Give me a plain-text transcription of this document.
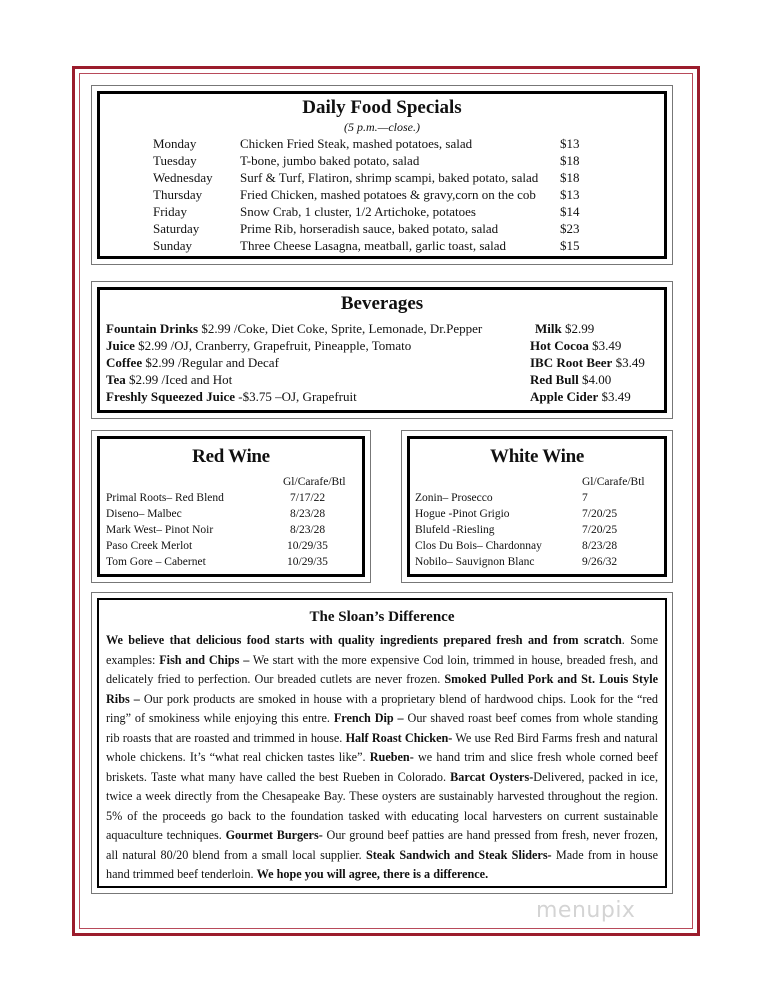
Daily Food Specials
(5 p.m.—close.)
Monday	Chicken Fried Steak, mashed potatoes, salad	$13
Tuesday	T-bone, jumbo baked potato, salad	$18
Wednesday Surf & Turf, Flatiron, shrimp scampi, baked potato, salad $18
Thursday	Fried Chicken, mashed potatoes & gravy,corn on the cob $13
Friday	Snow Crab, 1 cluster, 1/2 Artichoke, potatoes	$14
Saturday	Prime Rib, horseradish sauce, baked potato, salad	$23
Sunday	Three Cheese Lasagna, meatball, garlic toast, salad	$15
Beverages
Fountain Drinks $2.99 /Coke, Diet Coke, Sprite, Lemonade, Dr.Pepper
Juice $2.99 /OJ, Cranberry, Grapefruit, Pineapple, Tomato
Coffee $2.99 /Regular and Decaf
Tea $2.99 /Iced and Hot
Freshly Squeezed Juice -$3.75 –OJ, Grapefruit
Milk $2.99
Hot Cocoa $3.49
IBC Root Beer $3.49
Red Bull $4.00
Apple Cider $3.49
Red Wine
Gl/Carafe/Btl
Primal Roots– Red Blend	7/17/22
Diseno– Malbec	8/23/28
Mark West– Pinot Noir	8/23/28
Paso Creek Merlot	10/29/35
Tom Gore – Cabernet	10/29/35
White Wine
Gl/Carafe/Btl
Zonin– Prosecco	7
Hogue -Pinot Grigio	7/20/25
Blufeld -Riesling	7/20/25
Clos Du Bois– Chardonnay	8/23/28
Nobilo– Sauvignon Blanc	9/26/32
The Sloan’s Difference
We believe that delicious food starts with quality ingredients prepared fresh and from scratch. Some examples: Fish and Chips – We start with the more expensive Cod loin, trimmed in house, breaded fresh, and delicately fried to perfection. Our breaded cutlets are never frozen. Smoked Pulled Pork and St. Louis Style Ribs – Our pork products are smoked in house with a proprietary blend of hardwood chips. Look for the “red ring” of smokiness while enjoying this entre. French Dip – Our shaved roast beef comes from whole standing rib roasts that are roasted and trimmed in house. Half Roast Chicken- We use Red Bird Farms fresh and natural whole chickens. It’s “what real chicken tastes like”. Rueben- we hand trim and slice fresh whole corned beef briskets. Taste what many have called the best Rueben in Colorado. Barcat Oysters-Delivered, packed in ice, twice a week directly from the Chesapeake Bay. These oysters are sustainably harvested throughout the region. 5% of the proceeds go back to the foundation tasked with educating local harvesters on current sustainable aquaculture techniques. Gourmet Burgers- Our ground beef patties are hand pressed from fresh, never frozen, all natural 80/20 blend from a small local supplier. Steak Sandwich and Steak Sliders- Made from in house hand trimmed beef tenderloin. We hope you will agree, there is a difference.
menupix
